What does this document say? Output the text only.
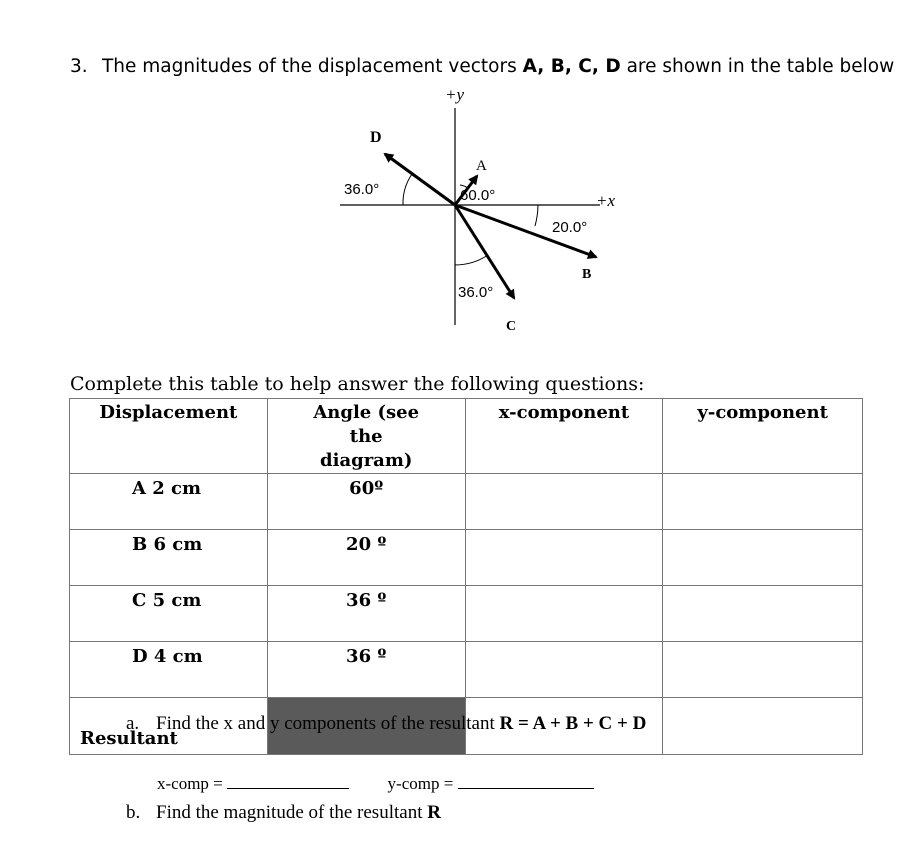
3. The magnitudes of the displacement vectors A, B, C, D are shown in the table below
+y
+x
D
36.0°
A
60.0°
B
20.0°
C
36.0°
Complete this table to help answer the following questions:
Displacement	Angle (see the diagram)	x-component	y-component
A 2 cm	60º		
B 6 cm	20 º		
C 5 cm	36 º		
D 4 cm	36 º		
Resultant			
a. Find the x and y components of the resultant R = A + B + C + D
x-comp =	y-comp =
b. Find the magnitude of the resultant R
